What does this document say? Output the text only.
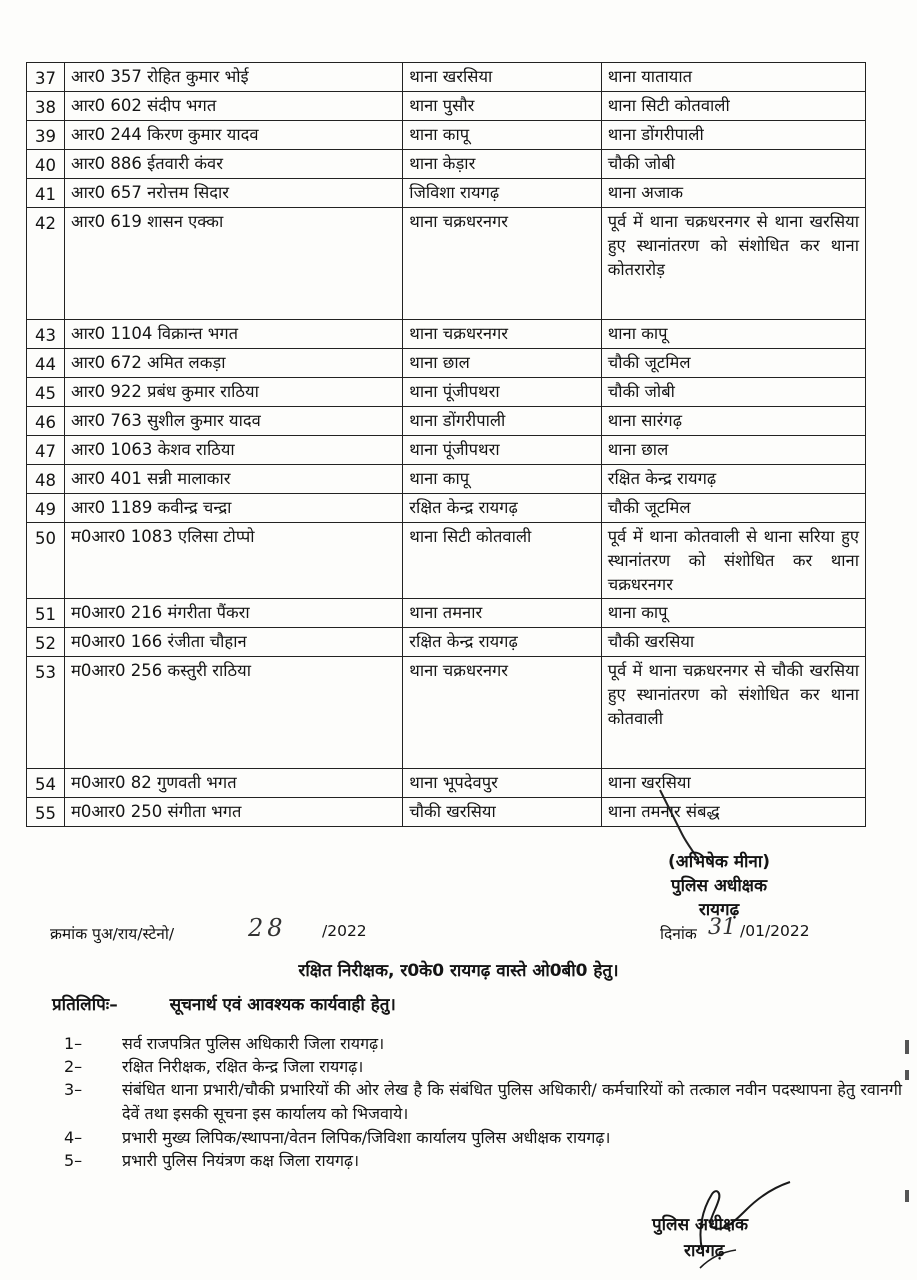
37	आर0 357 रोहित कुमार भोई	थाना खरसिया	थाना यातायात
38	आर0 602 संदीप भगत	थाना पुसौर	थाना सिटी कोतवाली
39	आर0 244 किरण कुमार यादव	थाना कापू	थाना डोंगरीपाली
40	आर0 886 ईतवारी कंवर	थाना केड़ार	चौकी जोबी
41	आर0 657 नरोत्तम सिदार	जिविशा रायगढ़	थाना अजाक
42	आर0 619 शासन एक्का	थाना चक्रधरनगर	पूर्व में थाना चक्रधरनगर से थाना खरसिया हुए स्थानांतरण को संशोधित कर थाना कोतरारोड़
43	आर0 1104 विक्रान्त भगत	थाना चक्रधरनगर	थाना कापू
44	आर0 672 अमित लकड़ा	थाना छाल	चौकी जूटमिल
45	आर0 922 प्रबंध कुमार राठिया	थाना पूंजीपथरा	चौकी जोबी
46	आर0 763 सुशील कुमार यादव	थाना डोंगरीपाली	थाना सारंगढ़
47	आर0 1063 केशव राठिया	थाना पूंजीपथरा	थाना छाल
48	आर0 401 सन्नी मालाकार	थाना कापू	रक्षित केन्द्र रायगढ़
49	आर0 1189 कवीन्द्र चन्द्रा	रक्षित केन्द्र रायगढ़	चौकी जूटमिल
50	म0आर0 1083 एलिसा टोप्पो	थाना सिटी कोतवाली	पूर्व में थाना कोतवाली से थाना सरिया हुए स्थानांतरण को संशोधित कर थाना चक्रधरनगर
51	म0आर0 216 मंगरीता पैंकरा	थाना तमनार	थाना कापू
52	म0आर0 166 रंजीता चौहान	रक्षित केन्द्र रायगढ़	चौकी खरसिया
53	म0आर0 256 कस्तुरी राठिया	थाना चक्रधरनगर	पूर्व में थाना चक्रधरनगर से चौकी खरसिया हुए स्थानांतरण को संशोधित कर थाना कोतवाली
54	म0आर0 82 गुणवती भगत	थाना भूपदेवपुर	थाना खरसिया
55	म0आर0 250 संगीता भगत	चौकी खरसिया	थाना तमनार संबद्ध
(अभिषेक मीना)
पुलिस अधीक्षक
रायगढ़
क्रमांक पुअ/राय/स्टेनो/	28 /2022	दिनांक 31 /01/2022
रक्षित निरीक्षक, र0के0 रायगढ़ वास्ते ओ0बी0 हेतु।
प्रतिलिपिः–	सूचनार्थ एवं आवश्यक कार्यवाही हेतु।
1–	सर्व राजपत्रित पुलिस अधिकारी जिला रायगढ़।
2–	रक्षित निरीक्षक, रक्षित केन्द्र जिला रायगढ़।
3–	संबंधित थाना प्रभारी/चौकी प्रभारियों की ओर लेख है कि संबंधित पुलिस अधिकारी/ कर्मचारियों को तत्काल नवीन पदस्थापना हेतु रवानगी देवें तथा इसकी सूचना इस कार्यालय को भिजवाये।
4–	प्रभारी मुख्य लिपिक/स्थापना/वेतन लिपिक/जिविशा कार्यालय पुलिस अधीक्षक रायगढ़।
5–	प्रभारी पुलिस नियंत्रण कक्ष जिला रायगढ़।
पुलिस अधीक्षक
रायगढ़
